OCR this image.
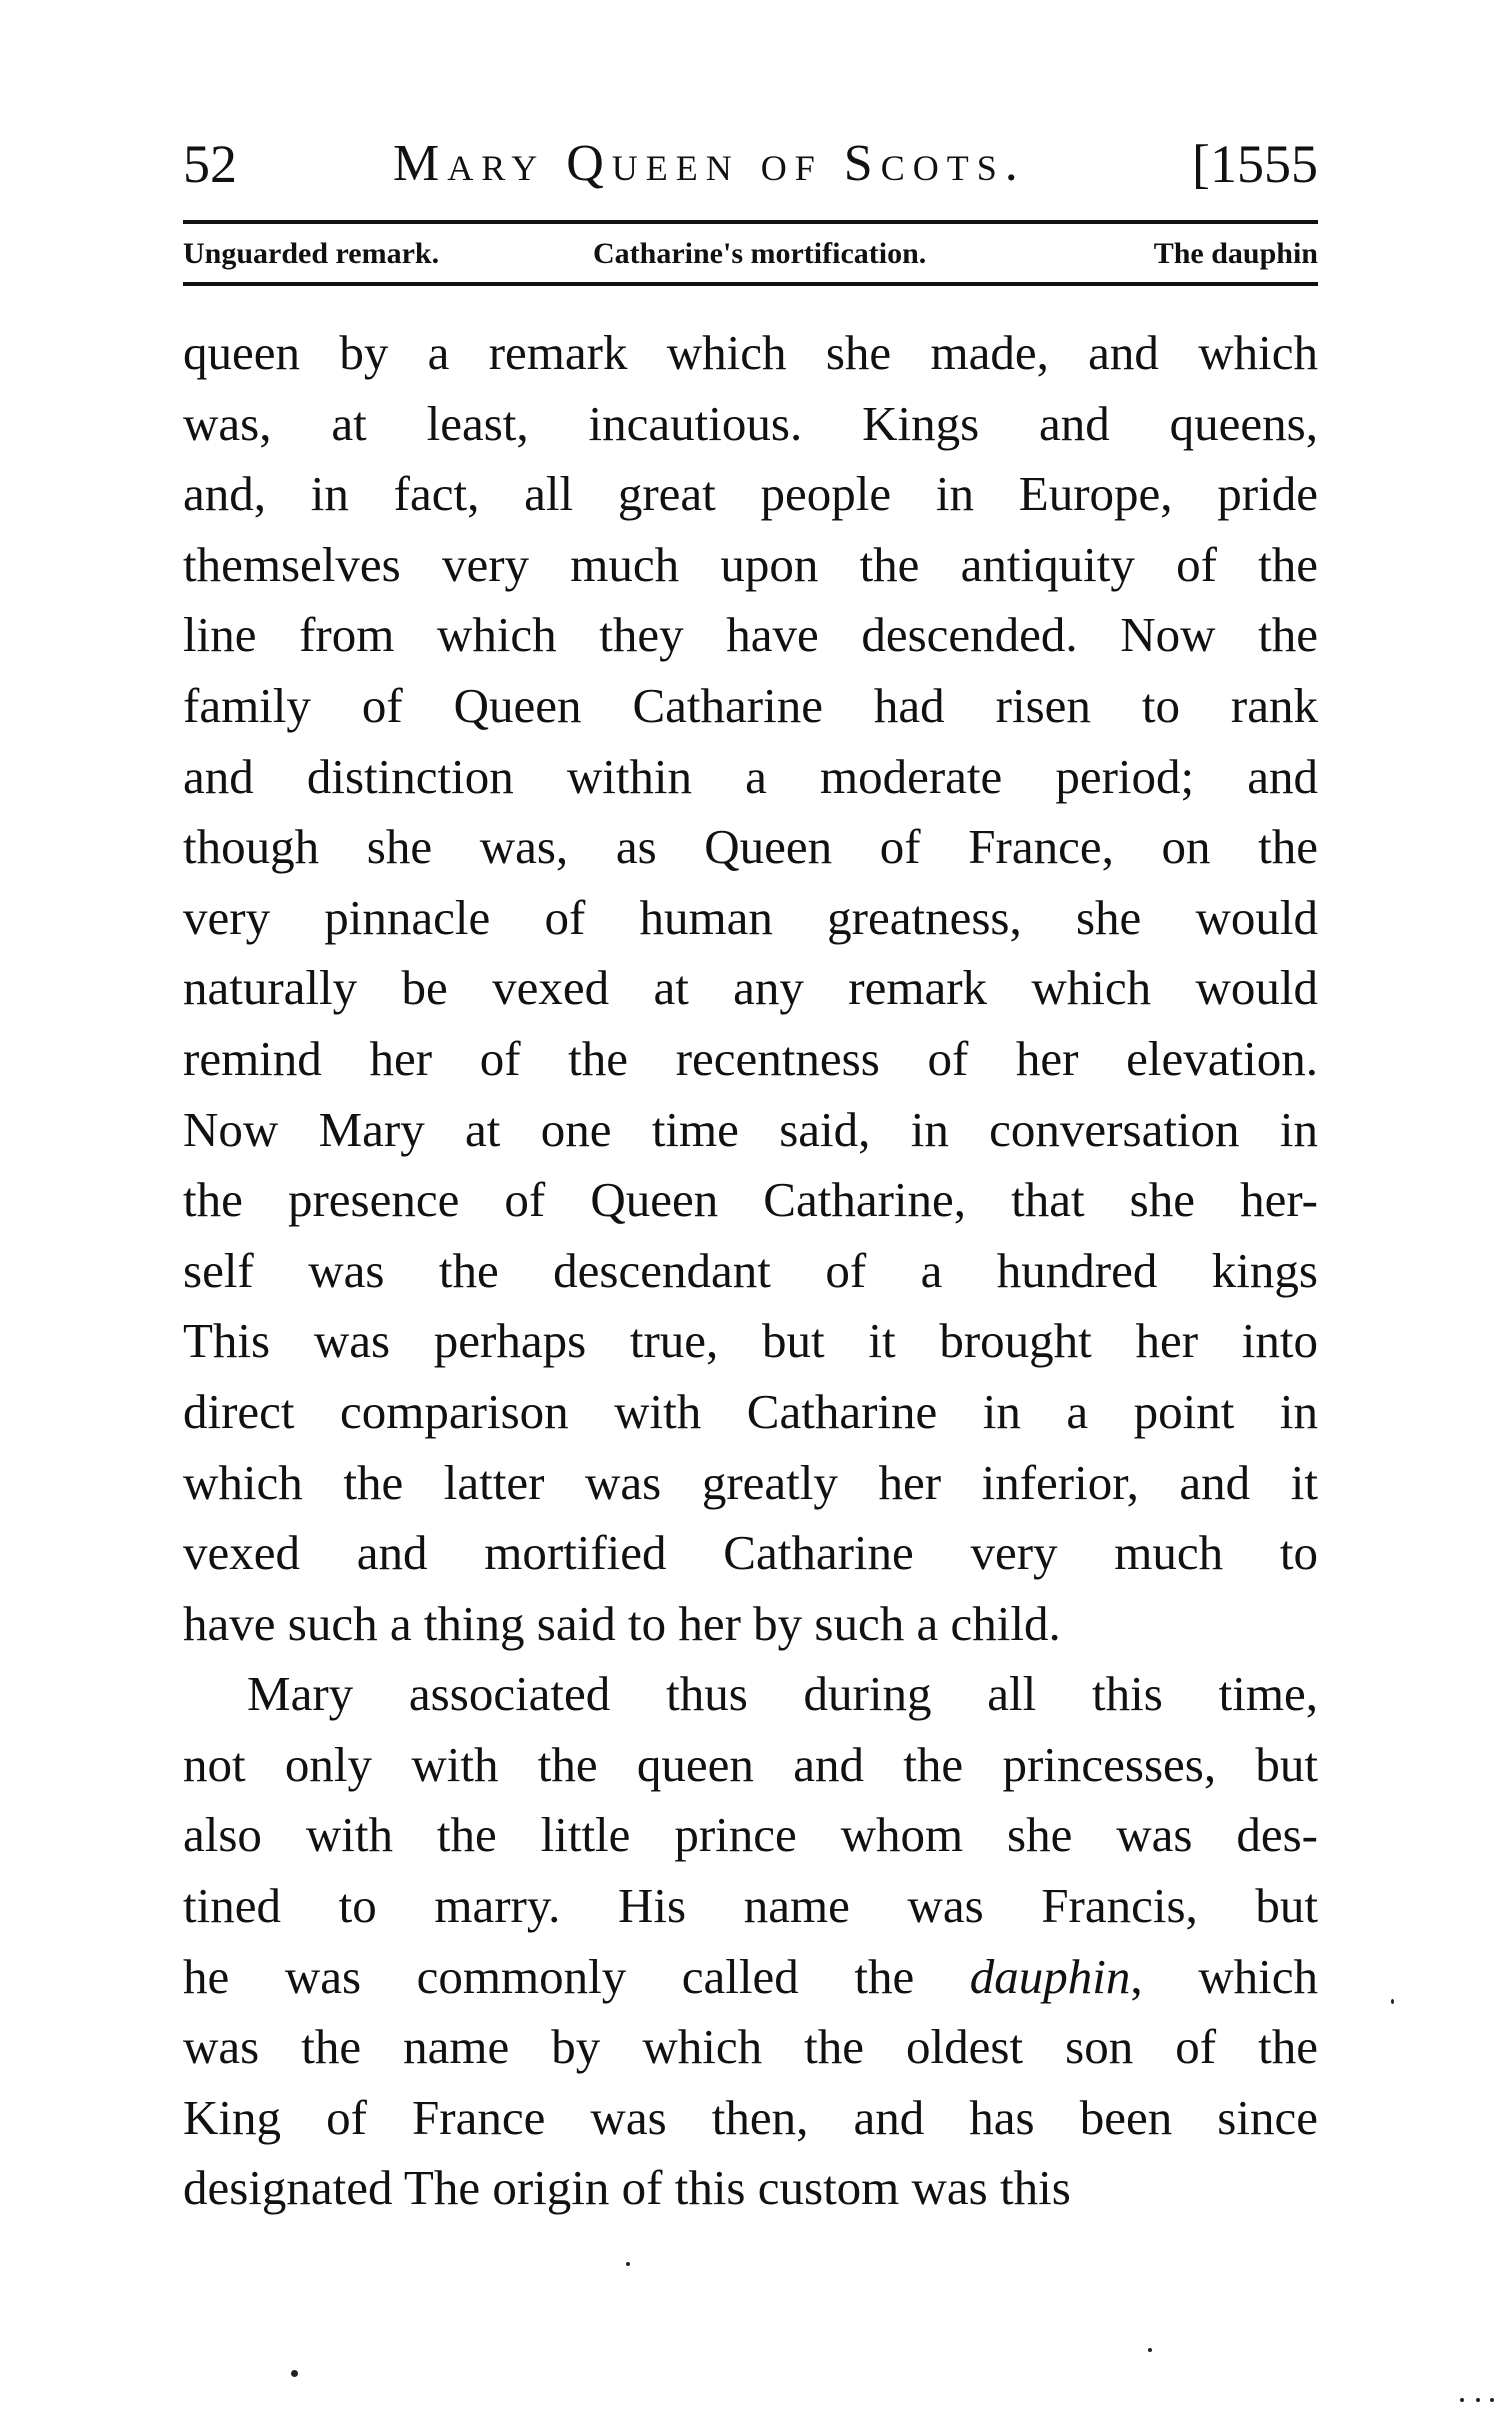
52	Mary Queen of Scots.	[1555
Unguarded remark.	Catharine's mortification.	The dauphin
queen by a remark which she made, and which
was, at least, incautious. Kings and queens,
and, in fact, all great people in Europe, pride
themselves very much upon the antiquity of the
line from which they have descended. Now the
family of Queen Catharine had risen to rank
and distinction within a moderate period; and
though she was, as Queen of France, on the
very pinnacle of human greatness, she would
naturally be vexed at any remark which would
remind her of the recentness of her elevation.
Now Mary at one time said, in conversation in
the presence of Queen Catharine, that she her-
self was the descendant of a hundred kings
This was perhaps true, but it brought her into
direct comparison with Catharine in a point in
which the latter was greatly her inferior, and it
vexed and mortified Catharine very much to
have such a thing said to her by such a child.
Mary associated thus during all this time,
not only with the queen and the princesses, but
also with the little prince whom she was des-
tined to marry. His name was Francis, but
he was commonly called the dauphin, which
was the name by which the oldest son of the
King of France was then, and has been since
designated The origin of this custom was this
